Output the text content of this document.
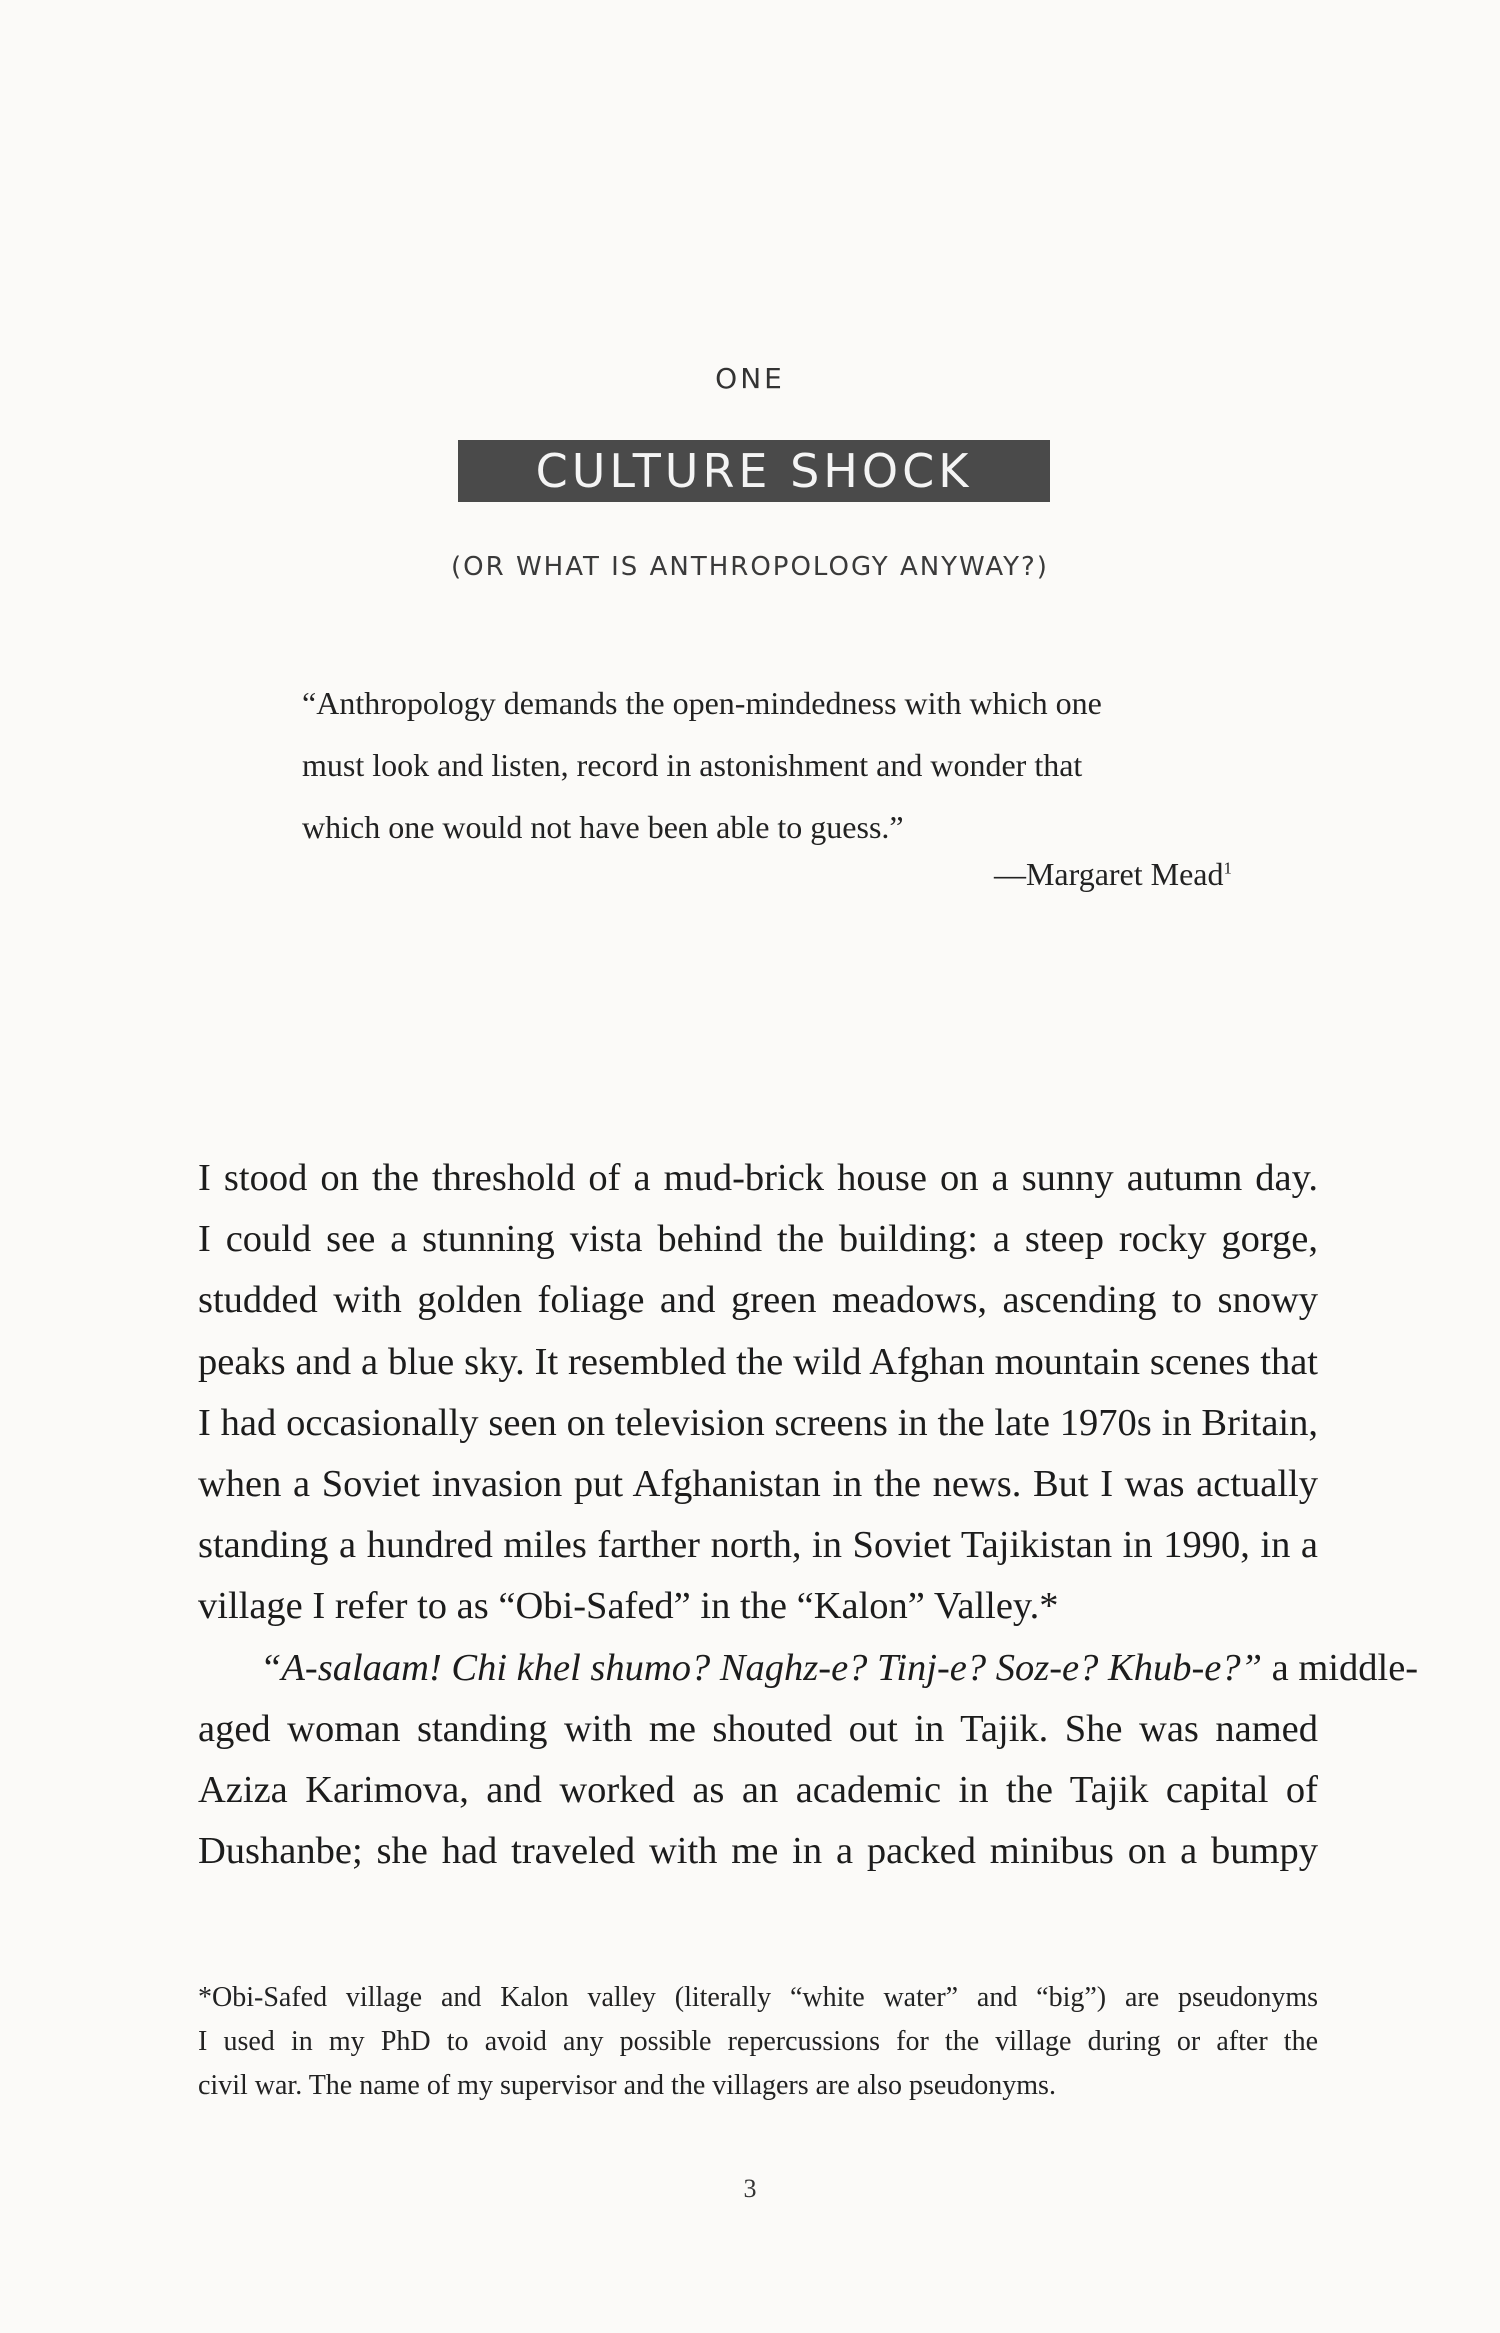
ONE
CULTURE SHOCK
(OR WHAT IS ANTHROPOLOGY ANYWAY?)
“Anthropology demands the open-mindedness with which one
must look and listen, record in astonishment and wonder that
which one would not have been able to guess.”
—Margaret Mead$^1$
I stood on the threshold of a mud-brick house on a sunny autumn day.
I could see a stunning vista behind the building: a steep rocky gorge,
studded with golden foliage and green meadows, ascending to snowy
peaks and a blue sky. It resembled the wild Afghan mountain scenes that
I had occasionally seen on television screens in the late 1970s in Britain,
when a Soviet invasion put Afghanistan in the news. But I was actually
standing a hundred miles farther north, in Soviet Tajikistan in 1990, in a
village I refer to as “Obi-Safed” in the “Kalon” Valley.*
“A-salaam! Chi khel shumo? Naghz-e? Tinj-e? Soz-e? Khub-e?” a middle-
aged woman standing with me shouted out in Tajik. She was named
Aziza Karimova, and worked as an academic in the Tajik capital of
Dushanbe; she had traveled with me in a packed minibus on a bumpy
*Obi-Safed village and Kalon valley (literally “white water” and “big”) are pseudonyms
I used in my PhD to avoid any possible repercussions for the village during or after the
civil war. The name of my supervisor and the villagers are also pseudonyms.
3
